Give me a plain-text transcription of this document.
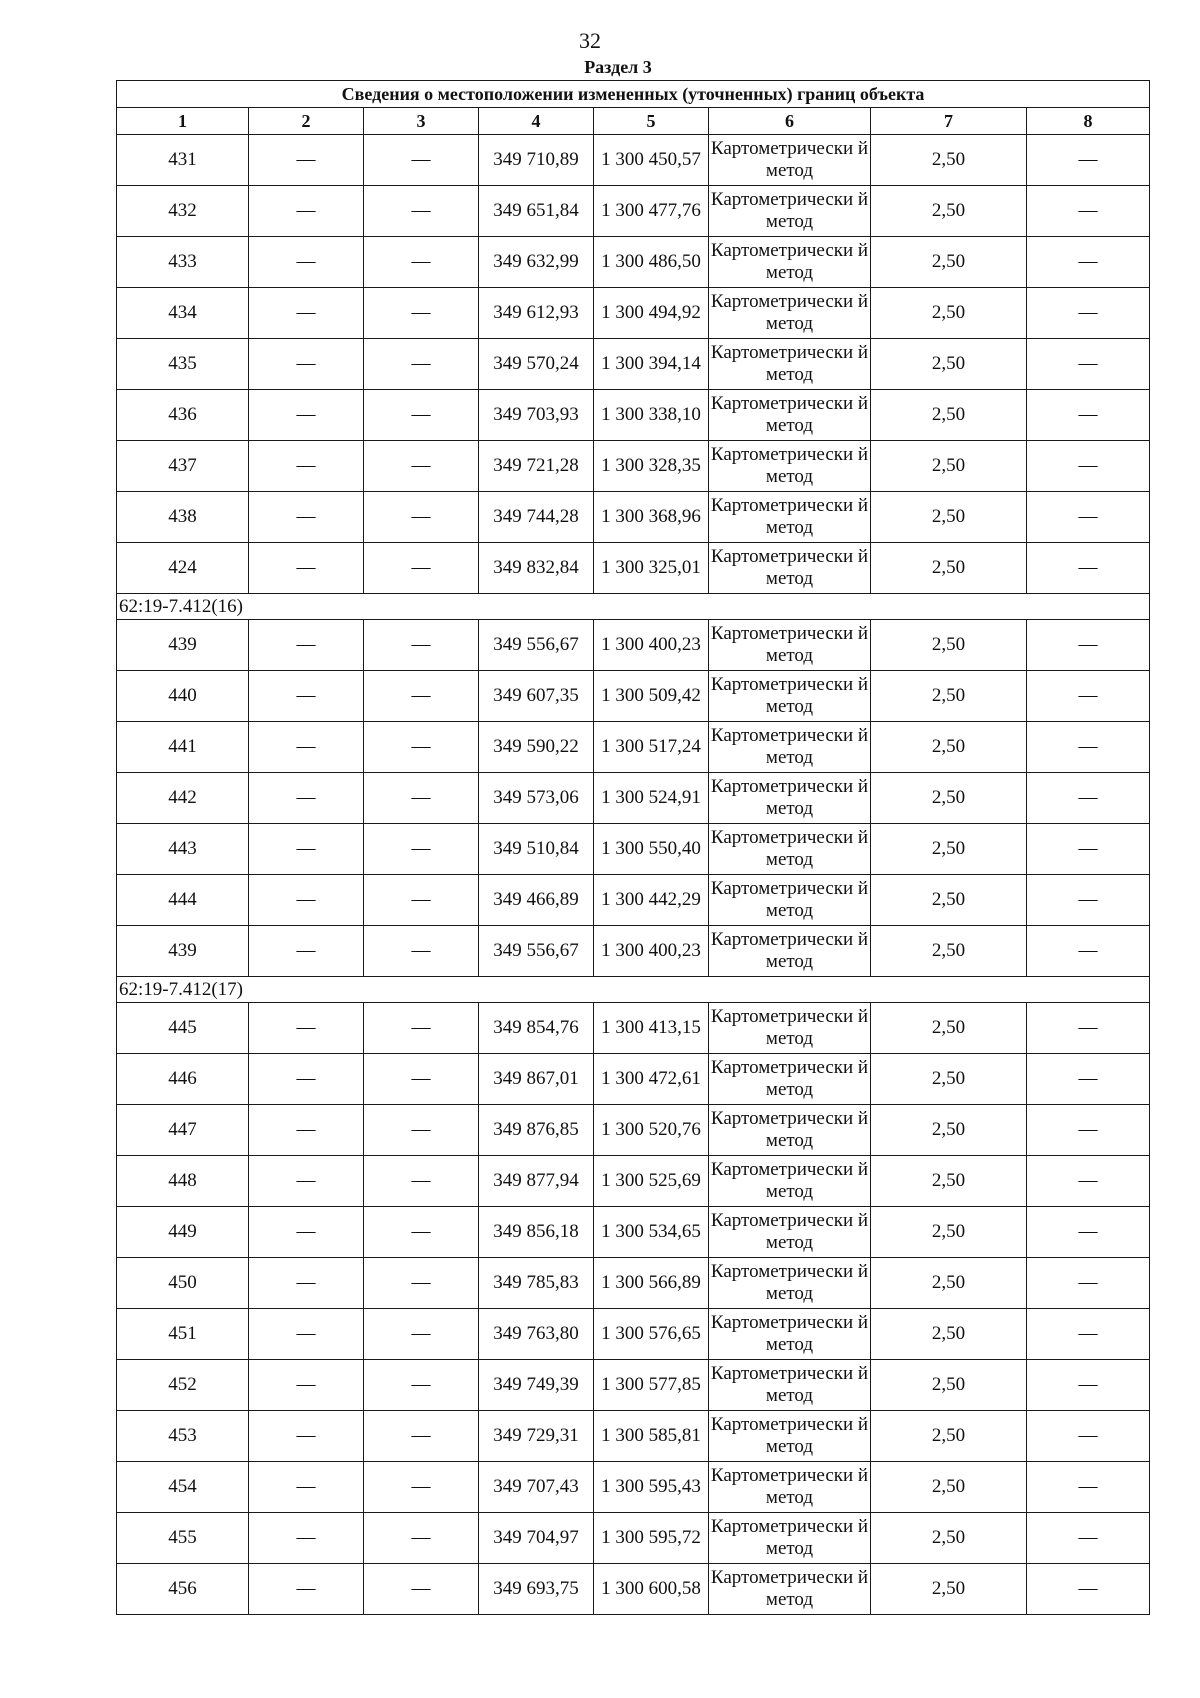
32
Раздел 3
Сведения о местоположении измененных (уточненных) границ объекта							
1	2	3	4	5	6	7	8
431	—	—	349 710,89	1 300 450,57	Картометрически й метод	2,50	—
432	—	—	349 651,84	1 300 477,76	Картометрически й метод	2,50	—
433	—	—	349 632,99	1 300 486,50	Картометрически й метод	2,50	—
434	—	—	349 612,93	1 300 494,92	Картометрически й метод	2,50	—
435	—	—	349 570,24	1 300 394,14	Картометрически й метод	2,50	—
436	—	—	349 703,93	1 300 338,10	Картометрически й метод	2,50	—
437	—	—	349 721,28	1 300 328,35	Картометрически й метод	2,50	—
438	—	—	349 744,28	1 300 368,96	Картометрически й метод	2,50	—
424	—	—	349 832,84	1 300 325,01	Картометрически й метод	2,50	—
62:19-7.412(16)							
439	—	—	349 556,67	1 300 400,23	Картометрически й метод	2,50	—
440	—	—	349 607,35	1 300 509,42	Картометрически й метод	2,50	—
441	—	—	349 590,22	1 300 517,24	Картометрически й метод	2,50	—
442	—	—	349 573,06	1 300 524,91	Картометрически й метод	2,50	—
443	—	—	349 510,84	1 300 550,40	Картометрически й метод	2,50	—
444	—	—	349 466,89	1 300 442,29	Картометрически й метод	2,50	—
439	—	—	349 556,67	1 300 400,23	Картометрически й метод	2,50	—
62:19-7.412(17)							
445	—	—	349 854,76	1 300 413,15	Картометрически й метод	2,50	—
446	—	—	349 867,01	1 300 472,61	Картометрически й метод	2,50	—
447	—	—	349 876,85	1 300 520,76	Картометрически й метод	2,50	—
448	—	—	349 877,94	1 300 525,69	Картометрически й метод	2,50	—
449	—	—	349 856,18	1 300 534,65	Картометрически й метод	2,50	—
450	—	—	349 785,83	1 300 566,89	Картометрически й метод	2,50	—
451	—	—	349 763,80	1 300 576,65	Картометрически й метод	2,50	—
452	—	—	349 749,39	1 300 577,85	Картометрически й метод	2,50	—
453	—	—	349 729,31	1 300 585,81	Картометрически й метод	2,50	—
454	—	—	349 707,43	1 300 595,43	Картометрически й метод	2,50	—
455	—	—	349 704,97	1 300 595,72	Картометрически й метод	2,50	—
456	—	—	349 693,75	1 300 600,58	Картометрически й метод	2,50	—
